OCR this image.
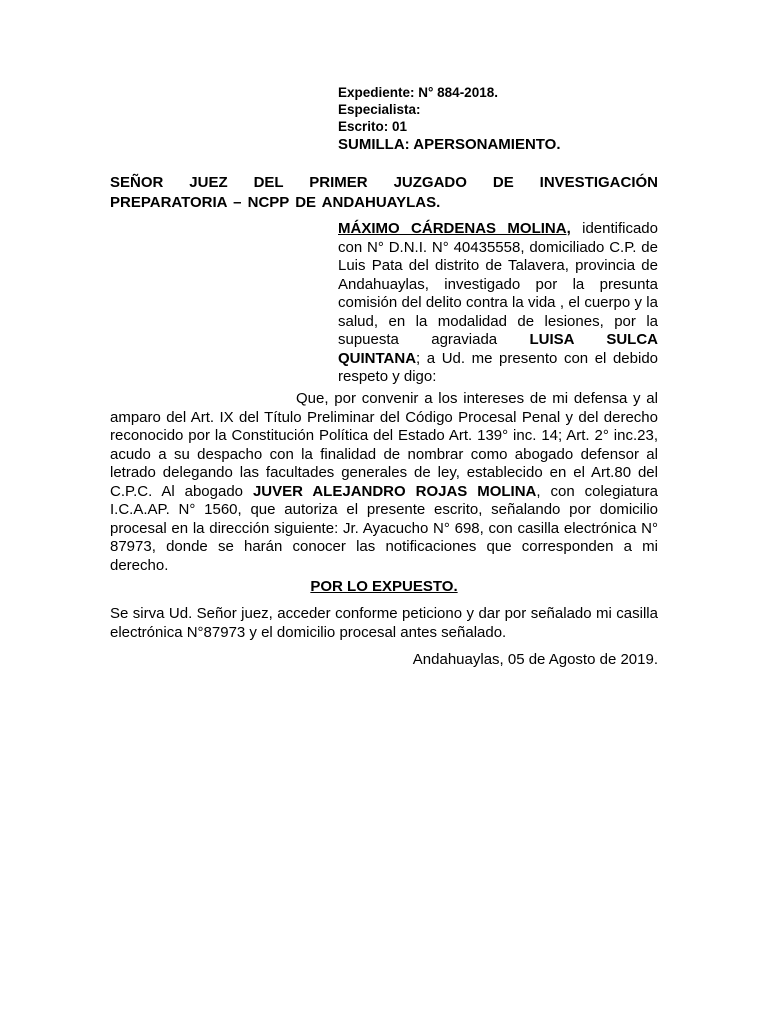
Expediente: N° 884-2018.

Especialista:

Escrito: 01

SUMILLA: APERSONAMIENTO.

SEÑOR JUEZ DEL PRIMER JUZGADO DE INVESTIGACIÓN
PREPARATORIA – NCPP DE ANDAHUAYLAS.
MÁXIMO CÁRDENAS MOLINA, identificado con N° D.N.I. N° 40435558, domiciliado C.P. de Luis Pata del distrito de Talavera, provincia de Andahuaylas, investigado por la presunta comisión del delito contra la vida , el cuerpo y la salud, en la modalidad de lesiones, por la supuesta agraviada LUISA SULCA QUINTANA; a Ud. me presento con el debido respeto y digo:
Que, por convenir a los intereses de mi defensa y al amparo del Art. IX del Título Preliminar del Código Procesal Penal y del derecho reconocido por la Constitución Política del Estado Art. 139° inc. 14; Art. 2° inc.23, acudo a su despacho con la finalidad de nombrar como abogado defensor al letrado delegando las facultades generales de ley, establecido en el Art.80 del C.P.C. Al abogado JUVER ALEJANDRO ROJAS MOLINA, con colegiatura I.C.A.AP. N° 1560, que autoriza el presente escrito, señalando por domicilio procesal en la dirección siguiente: Jr. Ayacucho N° 698, con casilla electrónica N° 87973, donde se harán conocer las notificaciones que corresponden a mi derecho.
POR LO EXPUESTO.
Se sirva Ud. Señor juez, acceder conforme peticiono y dar por señalado mi casilla electrónica N°87973 y el domicilio procesal antes señalado.
Andahuaylas, 05 de Agosto de 2019.
